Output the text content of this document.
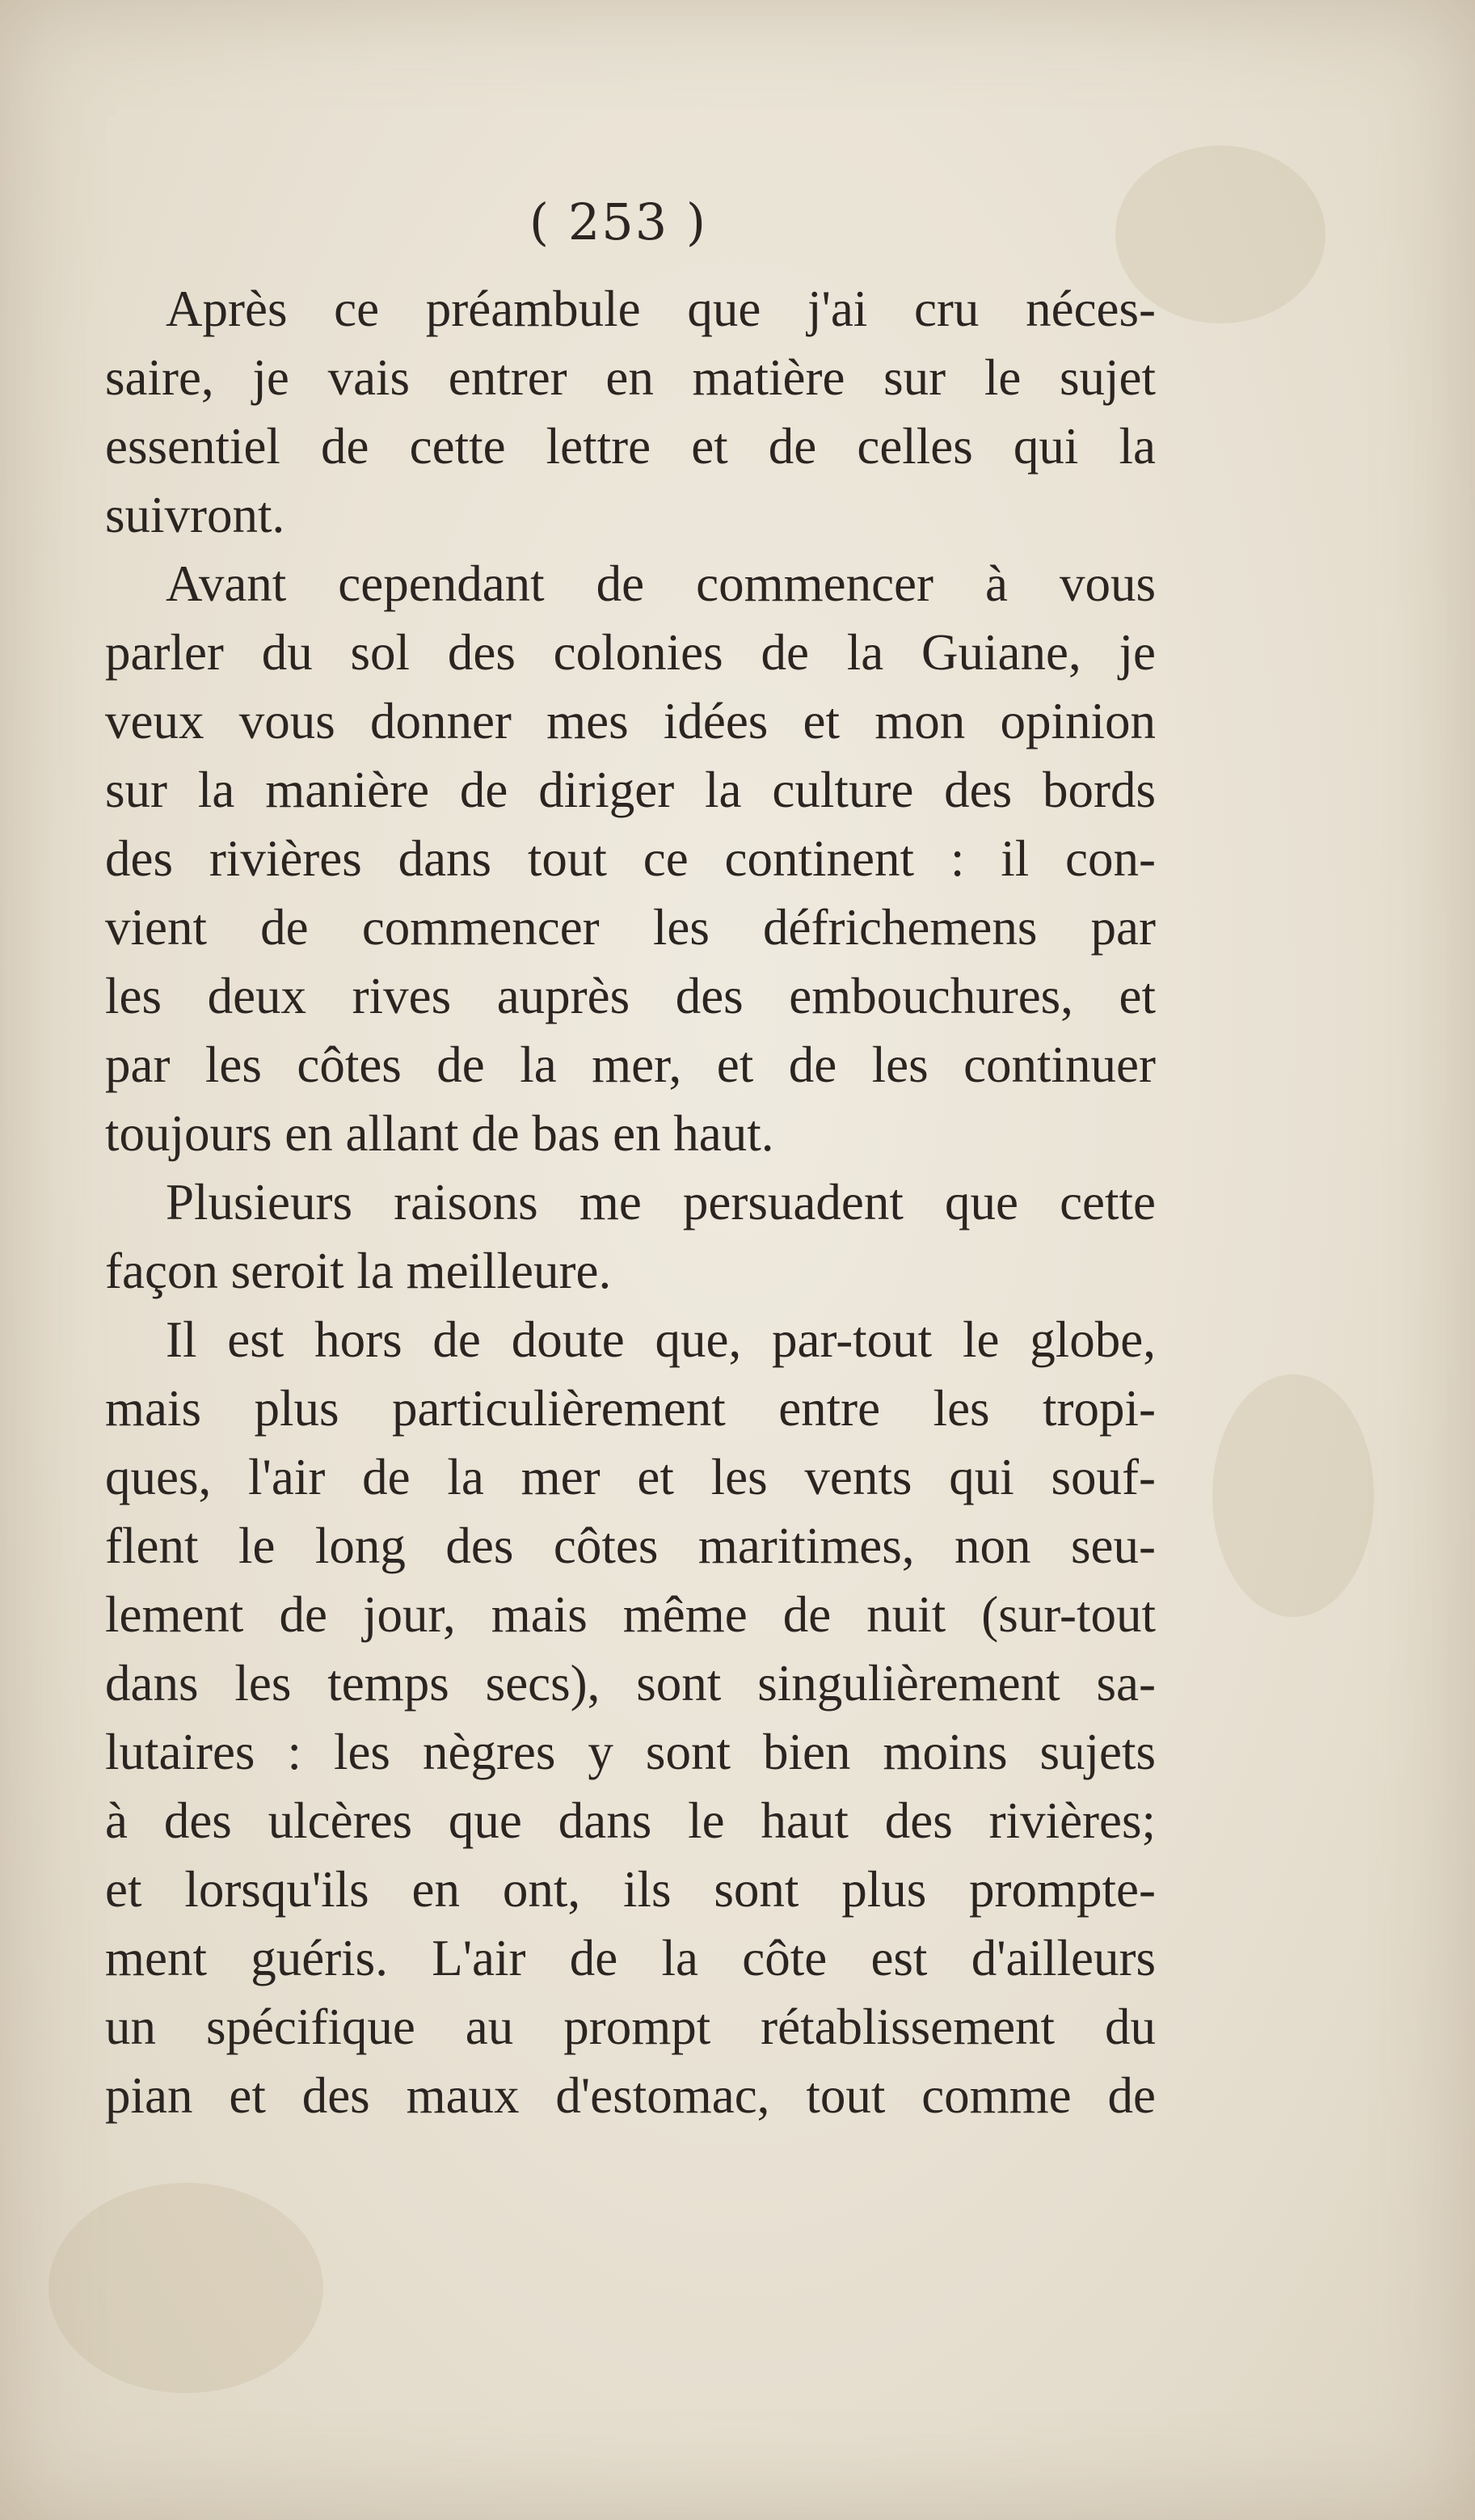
( 253 )
Après ce préambule que j'ai cru néces-
saire, je vais entrer en matière sur le sujet
essentiel de cette lettre et de celles qui la
suivront.
Avant cependant de commencer à vous
parler du sol des colonies de la Guiane, je
veux vous donner mes idées et mon opinion
sur la manière de diriger la culture des bords
des rivières dans tout ce continent : il con-
vient de commencer les défrichemens par
les deux rives auprès des embouchures, et
par les côtes de la mer, et de les continuer
toujours en allant de bas en haut.
Plusieurs raisons me persuadent que cette
façon seroit la meilleure.
Il est hors de doute que, par-tout le globe,
mais plus particulièrement entre les tropi-
ques, l'air de la mer et les vents qui souf-
flent le long des côtes maritimes, non seu-
lement de jour, mais même de nuit (sur-tout
dans les temps secs), sont singulièrement sa-
lutaires : les nègres y sont bien moins sujets
à des ulcères que dans le haut des rivières;
et lorsqu'ils en ont, ils sont plus prompte-
ment guéris. L'air de la côte est d'ailleurs
un spécifique au prompt rétablissement du
pian et des maux d'estomac, tout comme de
